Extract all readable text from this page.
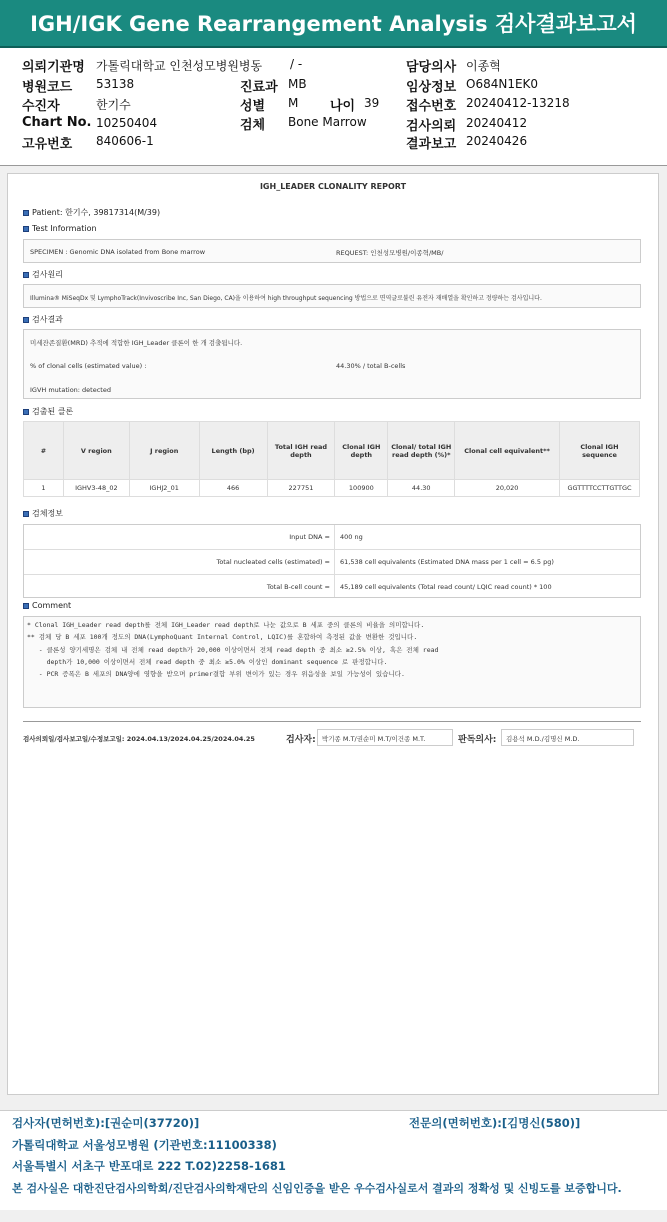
IGH/IGK Gene Rearrangement Analysis 검사결과보고서
의뢰기관명 가톨릭대학교 인천성모병원병동 / -
병원코드 53138
수진자	한기수
Chart No. 10250404
고유번호 840606-1
진료과 MB
성별 M 나이 39
검체 Bone Marrow
담당의사 이종혁
임상정보 O684N1EK0
접수번호 20240412-13218
검사의뢰 20240412
결과보고 20240426
IGH_LEADER CLONALITY REPORT
Patient: 한기수, 39817314(M/39)
Test Information
SPECIMEN : Genomic DNA isolated from Bone marrow	REQUEST: 인천성모병원/이종혁/MB/
검사원리
Illumina® MiSeqDx 및 LymphoTrack(Invivoscribe Inc, San Diego, CA)을 이용하여 high throughput sequencing 방법으로 면역글로불린 유전자 재배열을 확인하고 정량하는 검사입니다.
검사결과
미세잔존질환(MRD) 추적에 적합한 IGH_Leader 클론이 한 개 검출됩니다.
% of clonal cells (estimated value) :	44.30% / total B-cells
IGVH mutation: detected
검출된 클론
#	V region	J region	Length (bp)	Total IGH read depth	Clonal IGH depth	Clonal/ total IGH read depth (%)*	Clonal cell equivalent**	Clonal IGH sequence
1	IGHV3-48_02	IGHJ2_01	466	227751	100900	44.30	20,020	GGTTTTCCTTGTTGC
검체정보
Input DNA = 400 ng
Total nucleated cells (estimated) = 61,538 cell equivalents (Estimated DNA mass per 1 cell = 6.5 pg)
Total B-cell count = 45,189 cell equivalents (Total read count/ LQIC read count) * 100
Comment
* Clonal IGH_Leader read depth를 전체 IGH_Leader read depth로 나눈 값으로 B 세포 중의 클론의 비율을 의미합니다.
** 검체 당 B 세포 100개 정도의 DNA(LymphoQuant Internal Control, LQIC)를 혼합하여 측정된 값을 변환한 것입니다.
- 클론성 양기세명은 검체 내 전체 read depth가 20,000 이상이면서 전체 read depth 중 최소 ≥2.5% 이상, 혹은 전체 read
depth가 10,000 이상이면서 전체 read depth 중 최소 ≥5.0% 이상인 dominant sequence 로 판정합니다.
- PCR 증폭은 B 세포의 DNA양에 영향을 받으며 primer결합 부위 변이가 있는 경우 위음성을 보일 가능성이 있습니다.
검사의뢰일/검사보고일/수정보고일: 2024.04.13/2024.04.25/2024.04.25	검사자: 박기종 M.T/권순미 M.T/이건종 M.T.	판독의사:	김용석 M.D./김명신 M.D.
검사자(면허번호):[권순미(37720)]	전문의(면허번호):[김명신(580)]
가톨릭대학교 서울성모병원 (기관번호:11100338)
서울특별시 서초구 반포대로 222 T.02)2258-1681
본 검사실은 대한진단검사의학회/진단검사의학재단의 신임인증을 받은 우수검사실로서 결과의 정확성 및 신빙도를 보증합니다.
